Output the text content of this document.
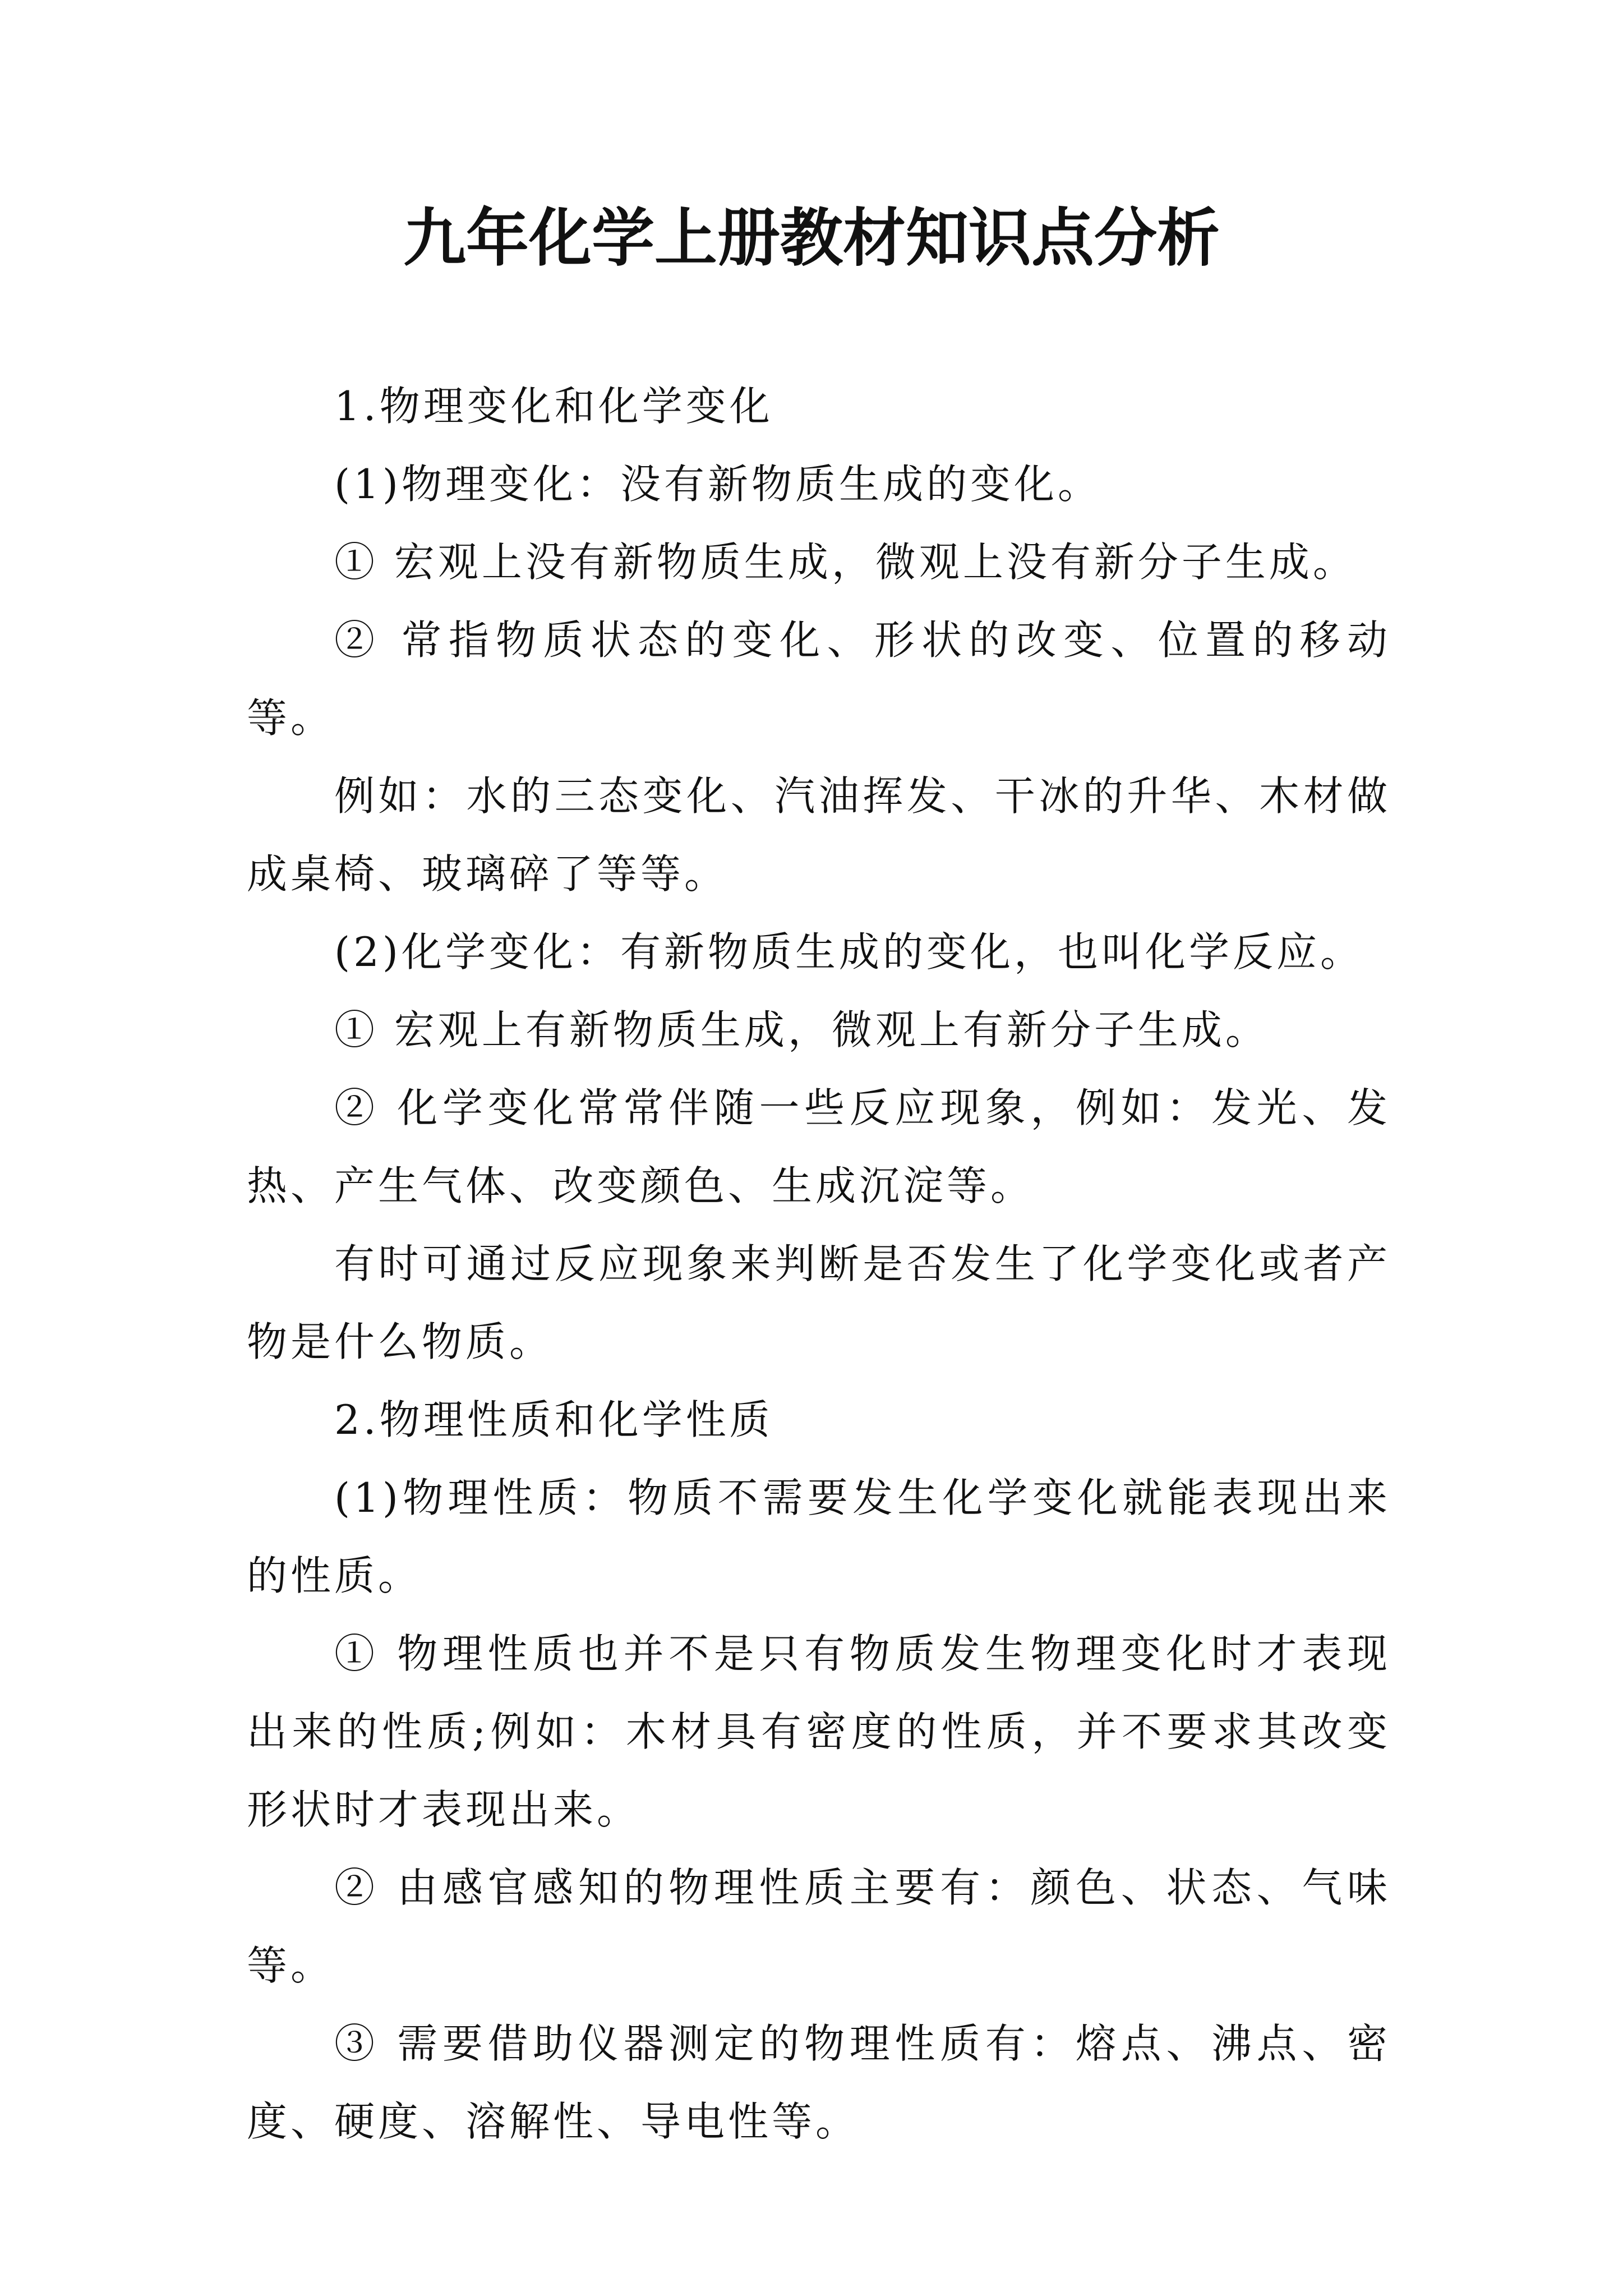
九年化学上册教材知识点分析

1.物理变化和化学变化

(1)物理变化：没有新物质生成的变化。

① 宏观上没有新物质生成，微观上没有新分子生成。

② 常指物质状态的变化、形状的改变、位置的移动等。

例如：水的三态变化、汽油挥发、干冰的升华、木材做成桌椅、玻璃碎了等等。

(2)化学变化：有新物质生成的变化，也叫化学反应。

① 宏观上有新物质生成，微观上有新分子生成。

② 化学变化常常伴随一些反应现象，例如：发光、发热、产生气体、改变颜色、生成沉淀等。

有时可通过反应现象来判断是否发生了化学变化或者产物是什么物质。

2.物理性质和化学性质

(1)物理性质：物质不需要发生化学变化就能表现出来的性质。

① 物理性质也并不是只有物质发生物理变化时才表现出来的性质;例如：木材具有密度的性质，并不要求其改变形状时才表现出来。

② 由感官感知的物理性质主要有：颜色、状态、气味等。

③ 需要借助仪器测定的物理性质有：熔点、沸点、密度、硬度、溶解性、导电性等。
